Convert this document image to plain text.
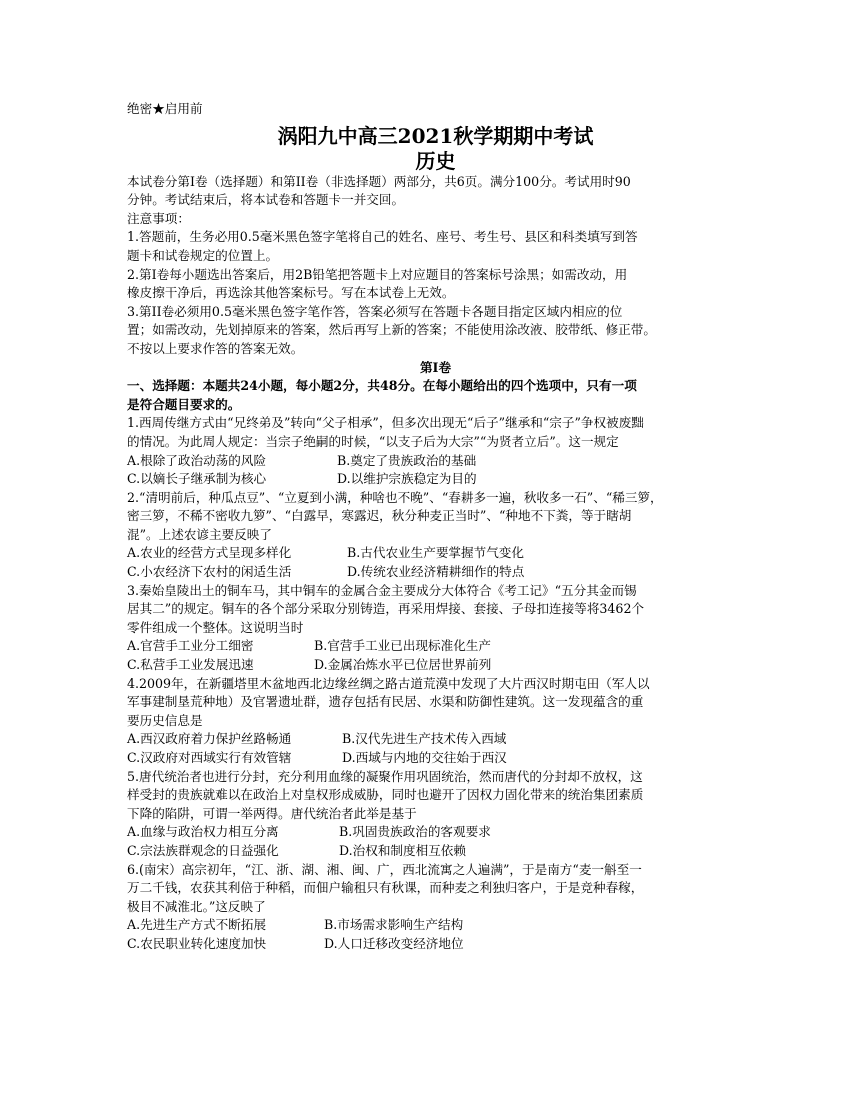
绝密★启用前
涡阳九中高三2021秋学期期中考试
历史

本试卷分第I卷（选择题）和第II卷（非选择题）两部分，共6页。满分100分。考试用时90

分钟。考试结束后，将本试卷和答题卡一并交回。

注意事项：

1.答题前，生务必用0.5毫米黑色签字笔将自己的姓名、座号、考生号、县区和科类填写到答

题卡和试卷规定的位置上。

2.第I卷每小题选出答案后，用2B铅笔把答题卡上对应题目的答案标号涂黑；如需改动，用

橡皮擦干净后，再选涂其他答案标号。写在本试卷上无效。

3.第II卷必须用0.5毫米黑色签字笔作答，答案必须写在答题卡各题目指定区域内相应的位

置；如需改动，先划掉原来的答案，然后再写上新的答案；不能使用涂改液、胶带纸、修正带。

不按以上要求作答的答案无效。

第I卷

一、选择题：本题共24小题，每小题2分，共48分。在每小题给出的四个选项中，只有一项

是符合题目要求的。

1.西周传继方式由“兄终弟及”转向“父子相承”，但多次出现无“后子”继承和“宗子”争权被废黜

的情况。为此周人规定：当宗子绝嗣的时候，“以支子后为大宗”“为贤者立后”。这一规定

A.根除了政治动荡的风险	B.奠定了贵族政治的基础
C.以嫡长子继承制为核心	D.以维护宗族稳定为目的

2.“清明前后，种瓜点豆”、“立夏到小满，种啥也不晚”、“春耕多一遍，秋收多一石”、“稀三箩，

密三箩，不稀不密收九箩”、“白露早，寒露迟，秋分种麦正当时”、“种地不下粪，等于瞎胡

混”。上述农谚主要反映了

A.农业的经营方式呈现多样化	B.古代农业生产要掌握节气变化
C.小农经济下农村的闲适生活	D.传统农业经济精耕细作的特点

3.秦始皇陵出土的铜车马，其中铜车的金属合金主要成分大体符合《考工记》“五分其金而锡

居其二”的规定。铜车的各个部分采取分别铸造，再采用焊接、套接、子母扣连接等将3462个

零件组成一个整体。这说明当时

A.官营手工业分工细密	B.官营手工业已出现标准化生产
C.私营手工业发展迅速	D.金属冶炼水平已位居世界前列

4.2009年，在新疆塔里木盆地西北边缘丝绸之路古道荒漠中发现了大片西汉时期屯田（军人以

军事建制垦荒种地）及官署遗址群，遗存包括有民居、水渠和防御性建筑。这一发现蕴含的重

要历史信息是

A.西汉政府着力保护丝路畅通	B.汉代先进生产技术传入西域
C.汉政府对西域实行有效管辖	D.西域与内地的交往始于西汉

5.唐代统治者也进行分封，充分利用血缘的凝聚作用巩固统治，然而唐代的分封却不放权，这

样受封的贵族就难以在政治上对皇权形成威胁，同时也避开了因权力固化带来的统治集团素质

下降的陷阱，可谓一举两得。唐代统治者此举是基于

A.血缘与政治权力相互分离	B.巩固贵族政治的客观要求
C.宗法族群观念的日益强化	D.治权和制度相互依赖

6.(南宋）高宗初年，“江、浙、湖、湘、闽、广，西北流寓之人遍满”，于是南方“麦一斛至一

万二千钱，农获其利倍于种稻，而佃户输租只有秋课，而种麦之利独归客户，于是竞种春稼，

极目不减淮北。”这反映了

A.先进生产方式不断拓展	B.市场需求影响生产结构
C.农民职业转化速度加快	D.人口迁移改变经济地位
